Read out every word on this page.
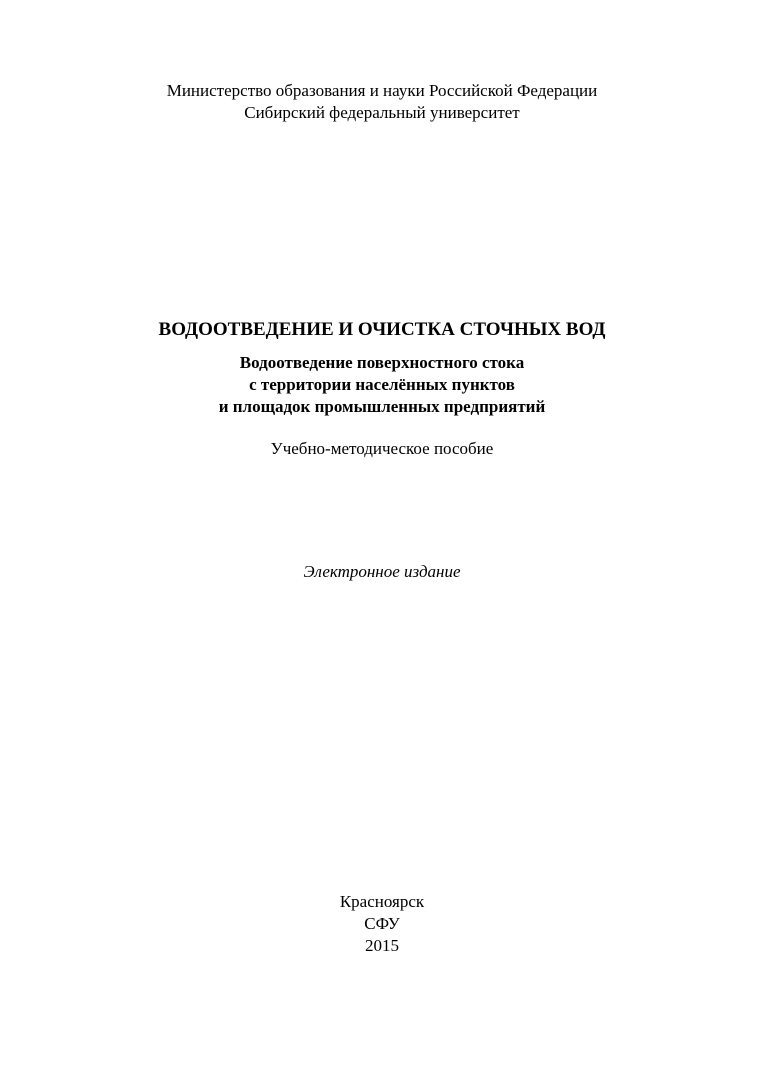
Министерство образования и науки Российской Федерации
Сибирский федеральный университет
ВОДООТВЕДЕНИЕ И ОЧИСТКА СТОЧНЫХ ВОД
Водоотведение поверхностного стока
с территории населённых пунктов
и площадок промышленных предприятий
Учебно-методическое пособие
Электронное издание
Красноярск
СФУ
2015
